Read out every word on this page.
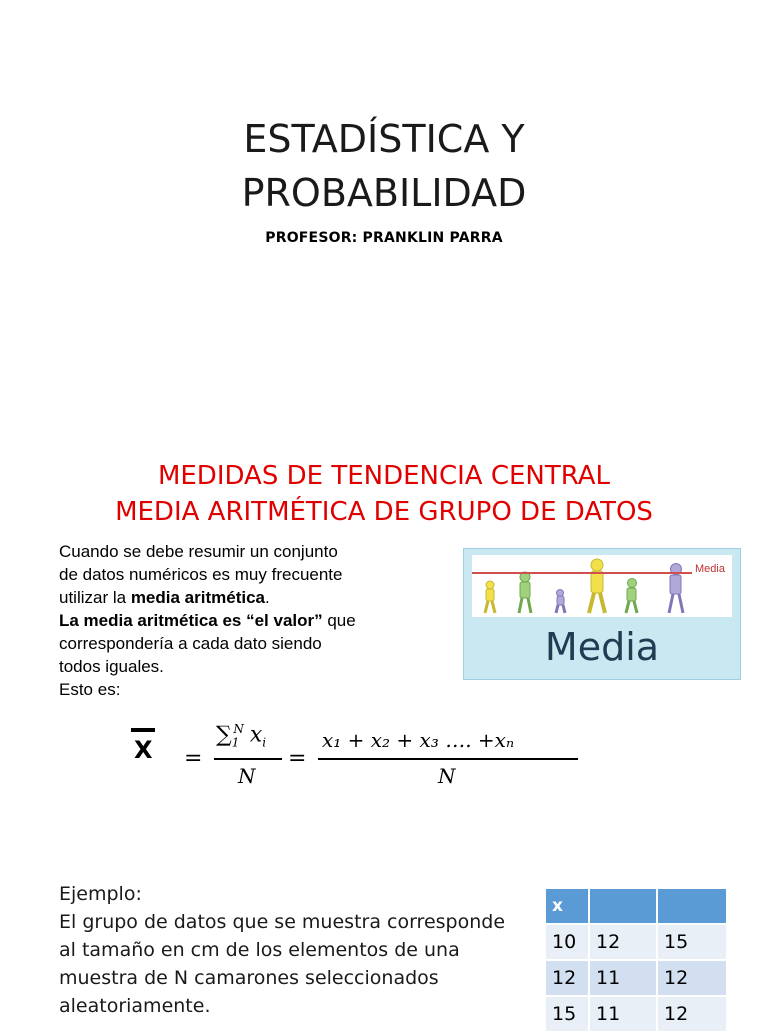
ESTADÍSTICA Y
PROBABILIDAD
PROFESOR: PRANKLIN PARRA
MEDIDAS DE TENDENCIA CENTRAL
MEDIA ARITMÉTICA DE GRUPO DE DATOS

Cuando se debe resumir un conjunto de datos numéricos es muy frecuente utilizar la media aritmética.

La media aritmética es “el valor” que correspondería a cada dato siendo todos iguales.

Esto es:

Media
Media
X =
$\sum_1^N$ $x_i$
N
=
x₁ + x₂ + x₃ …. +xₙ
N

Ejemplo:

El grupo de datos que se muestra corresponde al tamaño en cm de los elementos de una muestra de N camarones seleccionados aleatoriamente.

x		
10	12	15
12	11	12
15	11	12
